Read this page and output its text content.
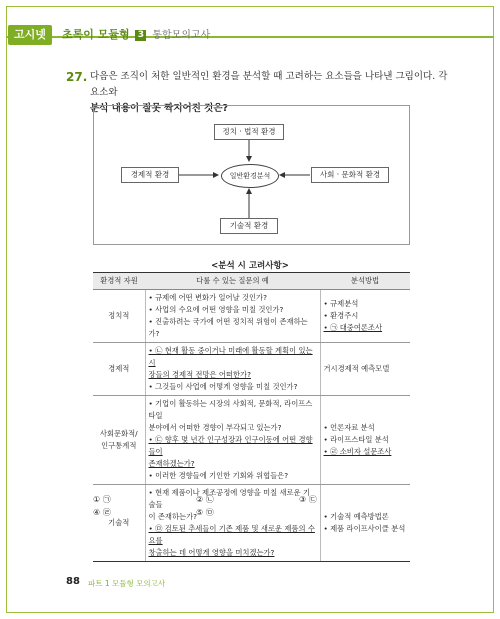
고시넷	초록이 모듈형 3 통합모의고사
27. 다음은 조직이 처한 일반적인 환경을 분석할 때 고려하는 요소들을 나타낸 그림이다. 각 요소와
분석 내용이 잘못 짝지어진 것은?
정치 · 법적 환경
경제적 환경	사회 · 문화적 환경
기술적 환경
일반환경분석
<분석 시 고려사항>
환경적 자원	다룰 수 있는 질문의 예	분석방법
정치적	• 규제에 어떤 변화가 일어날 것인가?
• 사업의 수요에 어떤 영향을 미칠 것인가?
• 진출하려는 국가에 어떤 정치적 위험이 존재하는가?	• 규제분석
• 환경주시
• ㉠ 대중여론조사

경제적	• ㉡ 현재 활동 중이거나 미래에 활동할 계획이 있는 시
장들의 경제적 전망은 어떠한가?
• 그것들이 사업에 어떻게 영향을 미칠 것인가?	거시경제적 예측모델

사회문화적/ 인구통계적	• 기업이 활동하는 시장의 사회적, 문화적, 라이프스타일
분야에서 어떠한 경향이 부각되고 있는가?
• ㉢ 향후 몇 년간 인구성장과 인구이동에 어떤 경향들이
존재하겠는가?
• 이러한 경향들에 기인한 기회와 위협들은?	• 언론자료 분석
• 라이프스타일 분석
• ㉣ 소비자 설문조사

기술적	• 현재 제품이나 제조공정에 영향을 미칠 새로운 기술들
이 존재하는가?
• ㉤ 검토된 추세들이 기존 제품 및 새로운 제품의 수요를
창출하는 데 어떻게 영향을 미치겠는가?	• 기술적 예측방법론
• 제품 라이프사이클 분석
① ㉠	② ㉡	③ ㉢
④ ㉣	⑤ ㉤
88 파트 1 모듈형 모의고사
